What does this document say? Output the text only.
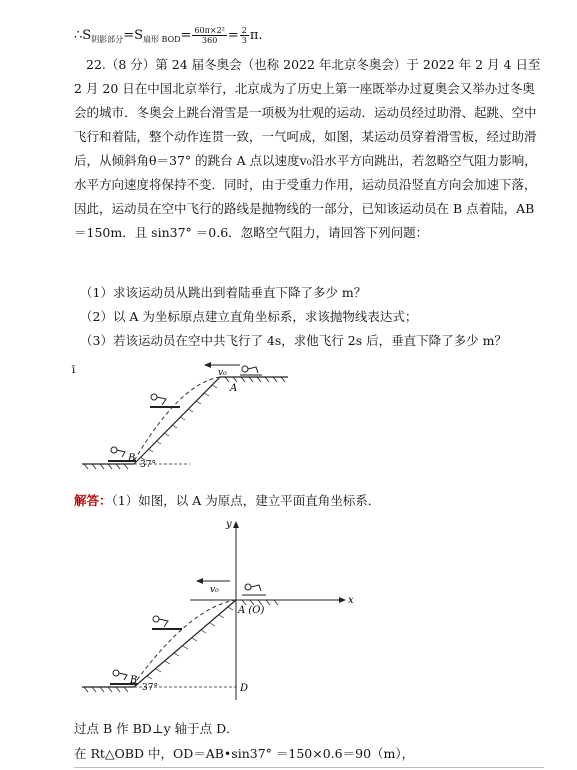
$\therefore S_{阴影部分}=S_{扇形 BOD}= \frac{\text{60π×2²}}{360} = \frac{2}{3} \pi$.
22.（8 分）第 24 届冬奥会（也称 2022 年北京冬奥会）于 2022 年 2 月 4 日至 2 月 20 日在中国北京举行，北京成为了历史上第一座既举办过夏奥会又举办过冬奥会的城市．冬奥会上跳台滑雪是一项极为壮观的运动．运动员经过助滑、起跳、空中飞行和着陆，整个动作连贯一致，一气呵成，如图，某运动员穿着滑雪板，经过助滑后，从倾斜角θ＝37° 的跳台 A 点以速度v₀沿水平方向跳出，若忽略空气阻力影响，水平方向速度将保持不变．同时，由于受重力作用，运动员沿竖直方向会加速下落，因此，运动员在空中飞行的路线是抛物线的一部分，已知该运动员在 B 点着陆，AB＝150m．且 sin37° ＝0.6．忽略空气阻力，请回答下列问题：
（1）求该运动员从跳出到着陆垂直下降了多少 m？
（2）以 A 为坐标原点建立直角坐标系，求该抛物线表达式；
（3）若该运动员在空中共飞行了 4s，求他飞行 2s 后，垂直下降了多少 m？
ī	v₀
A
B
37°
解答：（1）如图，以 A 为原点，建立平面直角坐标系．
y
x
v₀
A (O)
B
D
37°
过点 B 作 BD⊥y 轴于点 D．
在 Rt△OBD 中，OD＝AB•sin37° ＝150×0.6＝90（m），
